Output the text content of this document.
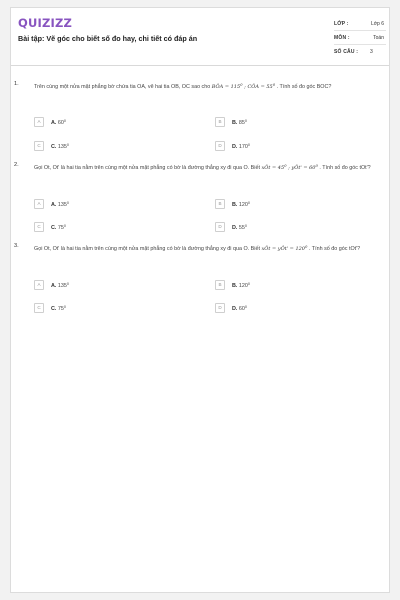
QUIZIZZ
Bài tập: Vẽ góc cho biết số đo hay, chi tiết có đáp án
LỚP :	Lớp 6
MÔN :	Toán
SỐ CÂU : 3
1.	Trên cùng một nửa mặt phẳng bờ chứa tia OA, vẽ hai tia OB, OC sao cho BÔA = $115^0$ ; CÔA = $55^0$ . Tính số đo góc BOC?
A	A. $60^0$	B	B. $85^0$
C	C. $135^0$	D	D. $170^0$
2.	Gọi Ot, Ot' là hai tia nằm trên cùng một nửa mặt phẳng có bờ là đường thẳng xy đi qua O. Biết xÔt = $45^0$ ; yÔt' = $60^0$ . Tính số đo góc tOt'?
A	A. $135^0$	B	B. $120^0$
C	C. $75^0$	D	D. $55^0$
3.	Gọi Ot, Ot' là hai tia nằm trên cùng một nửa mặt phẳng có bờ là đường thẳng xy đi qua O. Biết xÔt = yÔt' = $120^0$ . Tính số đo góc tOt'?
A	A. $135^0$	B	B. $120^0$
C	C. $75^0$	D	D. $60^0$
